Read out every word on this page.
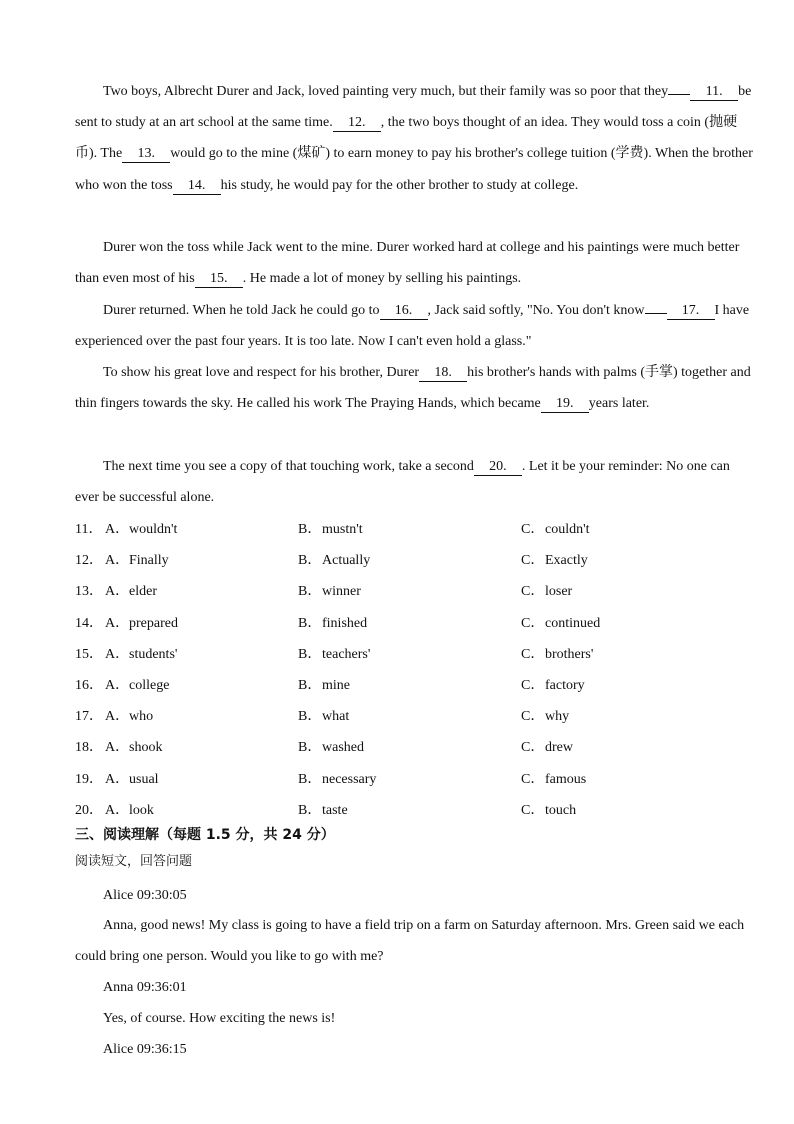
Two boys, Albrecht Durer and Jack, loved painting very much, but their family was so poor that they	11. be sent to study at an art school at the same time. 12. , the two boys thought of an idea. They would toss a coin (抛硬币). The 13. would go to the mine (煤矿) to earn money to pay his brother's college tuition (学费). When the brother who won the toss 14. his study, he would pay for the other brother to study at college.

Durer won the toss while Jack went to the mine. Durer worked hard at college and his paintings were much better than even most of his 15. . He made a lot of money by selling his paintings.

Durer returned. When he told Jack he could go to 16. , Jack said softly, "No. You don't know	17. I have experienced over the past four years. It is too late. Now I can't even hold a glass."

To show his great love and respect for his brother, Durer 18. his brother's hands with palms (手掌) together and thin fingers towards the sky. He called his work The Praying Hands, which became 19. years later.

The next time you see a copy of that touching work, take a second 20. . Let it be your reminder: No one can ever be successful alone.

11． A．wouldn't	B．mustn't	C．couldn't
12． A．Finally	B．Actually	C．Exactly
13． A．elder	B．winner	C．loser
14． A．prepared	B．finished	C．continued
15． A．students'	B．teachers'	C．brothers'
16． A．college	B．mine	C．factory
17． A．who	B．what	C．why
18． A．shook	B．washed	C．drew
19． A．usual	B．necessary	C．famous
20． A．look	B．taste	C．touch
三、阅读理解（每题 1.5 分，共 24 分）

阅读短文，回答问题

Alice 09:30:05

Anna, good news! My class is going to have a field trip on a farm on Saturday afternoon. Mrs. Green said we each could bring one person. Would you like to go with me?

Anna 09:36:01

Yes, of course. How exciting the news is!

Alice 09:36:15
